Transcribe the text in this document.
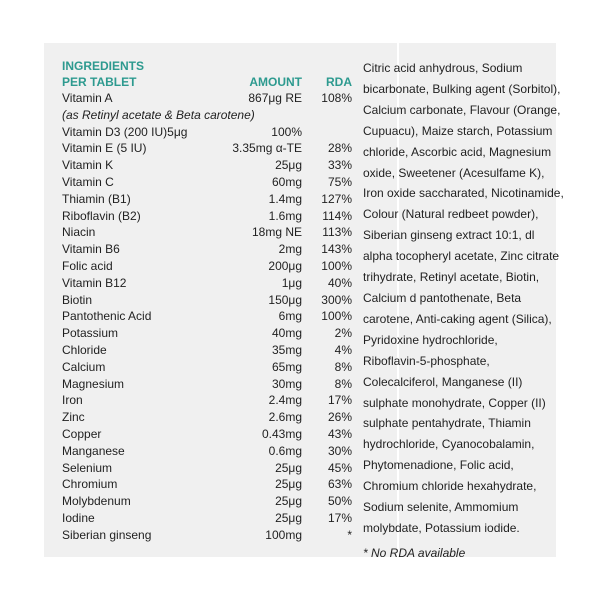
INGREDIENTS
PER TABLET	AMOUNT RDA
Vitamin A	867μg RE 108%
(as Retinyl acetate & Beta carotene)
Vitamin D3 (200 IU)5μg	100%
Vitamin E (5 IU)	3.35mg α-TE 28%
Vitamin K	25μg 33%
Vitamin C	60mg 75%
Thiamin (B1)	1.4mg 127%
Riboflavin (B2)	1.6mg 114%
Niacin	18mg NE 113%
Vitamin B6	2mg 143%
Folic acid	200μg 100%
Vitamin B12	1μg 40%
Biotin	150μg 300%
Pantothenic Acid	6mg 100%
Potassium	40mg	2%
Chloride	35mg	4%
Calcium	65mg	8%
Magnesium	30mg	8%
Iron	2.4mg 17%
Zinc	2.6mg 26%
Copper	0.43mg 43%
Manganese	0.6mg 30%
Selenium	25μg 45%
Chromium	25μg 63%
Molybdenum	25μg 50%
Iodine	25μg 17%
Siberian ginseng	100mg	*
Citric acid anhydrous, Sodium
bicarbonate, Bulking agent (Sorbitol),
Calcium carbonate, Flavour (Orange,
Cupuacu), Maize starch, Potassium
chloride, Ascorbic acid, Magnesium
oxide, Sweetener (Acesulfame K),
Iron oxide saccharated, Nicotinamide,
Colour (Natural redbeet powder),
Siberian ginseng extract 10:1, dl
alpha tocopheryl acetate, Zinc citrate
trihydrate, Retinyl acetate, Biotin,
Calcium d pantothenate, Beta
carotene, Anti-caking agent (Silica),
Pyridoxine hydrochloride,
Riboflavin-5-phosphate,
Colecalciferol, Manganese (II)
sulphate monohydrate, Copper (II)
sulphate pentahydrate, Thiamin
hydrochloride, Cyanocobalamin,
Phytomenadione, Folic acid,
Chromium chloride hexahydrate,
Sodium selenite, Ammomium
molybdate, Potassium iodide.
* No RDA available
